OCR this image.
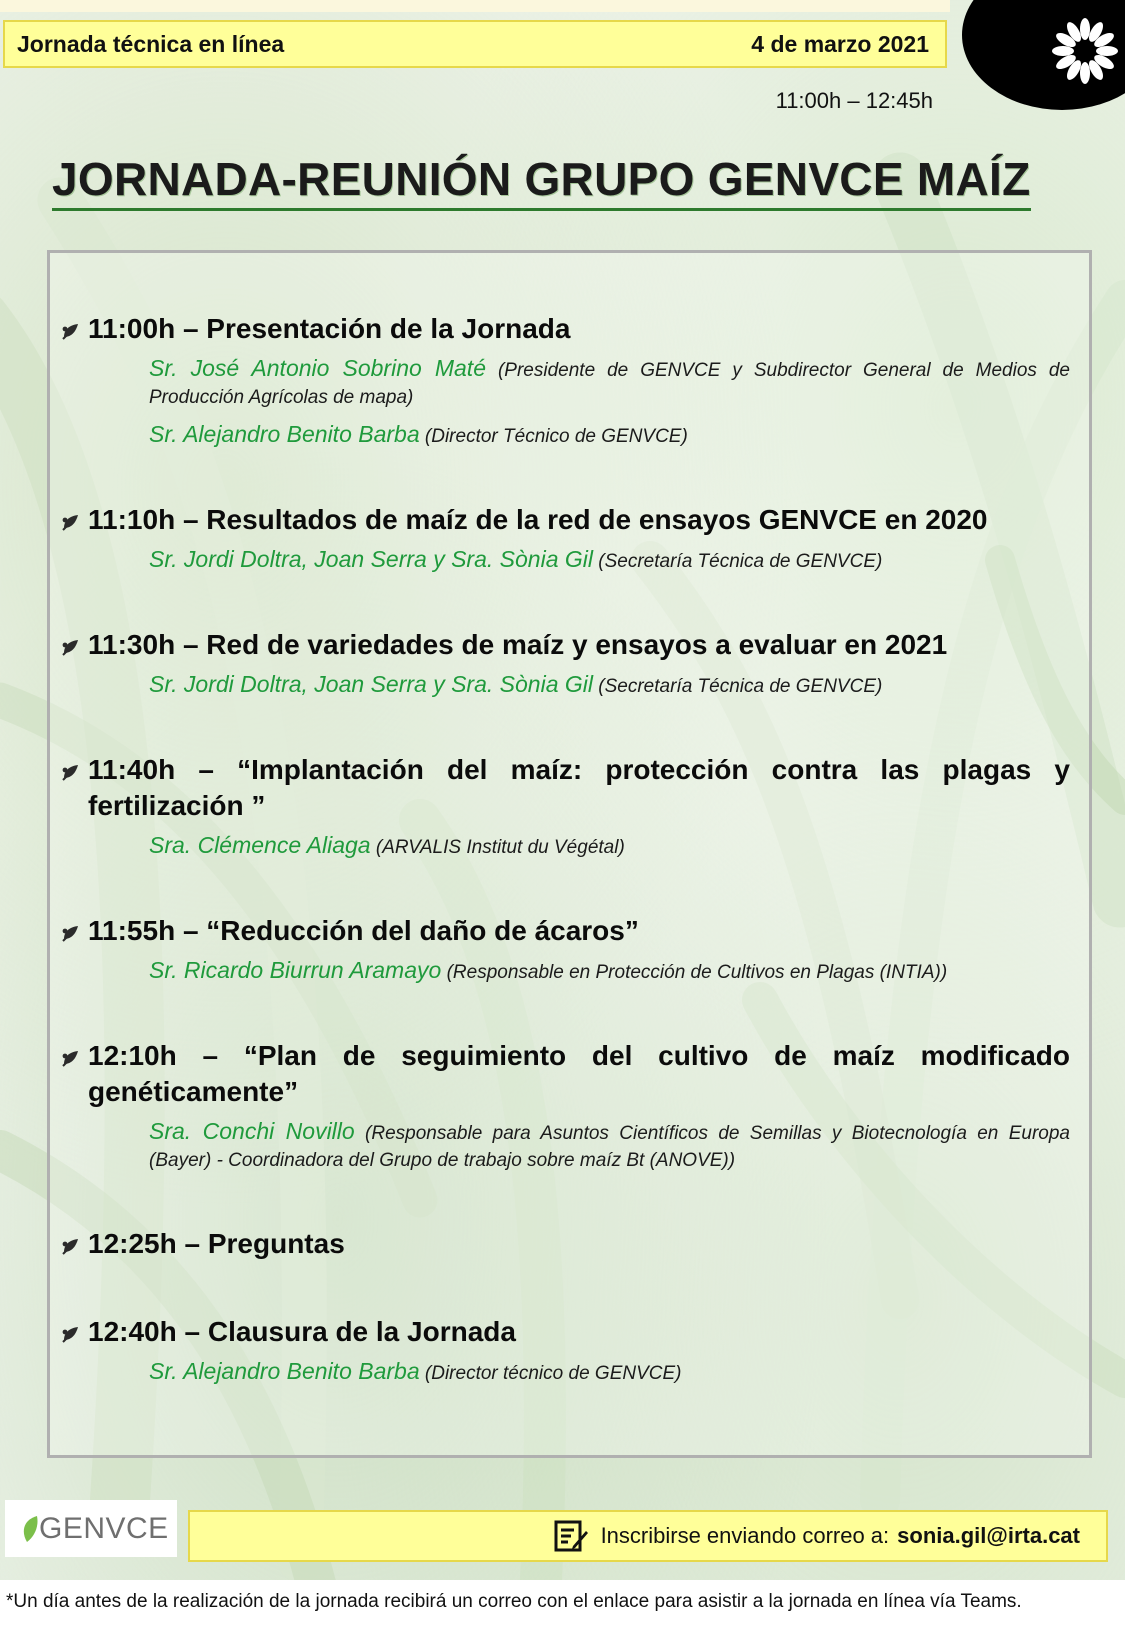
Jornada técnica en línea	4 de marzo 2021
11:00h – 12:45h
JORNADA-REUNIÓN GRUPO GENVCE MAÍZ
11:00h – Presentación de la Jornada
Sr. José Antonio Sobrino Maté (Presidente de GENVCE y Subdirector General de Medios de Producción Agrícolas de mapa)
Sr. Alejandro Benito Barba (Director Técnico de GENVCE)
11:10h – Resultados de maíz de la red de ensayos GENVCE en 2020
Sr. Jordi Doltra, Joan Serra y Sra. Sònia Gil (Secretaría Técnica de GENVCE)
11:30h – Red de variedades de maíz y ensayos a evaluar en 2021
Sr. Jordi Doltra, Joan Serra y Sra. Sònia Gil (Secretaría Técnica de GENVCE)
11:40h – “Implantación del maíz: protección contra las plagas y fertilización ”
Sra. Clémence Aliaga (ARVALIS Institut du Végétal)
11:55h – “Reducción del daño de ácaros”
Sr. Ricardo Biurrun Aramayo (Responsable en Protección de Cultivos en Plagas (INTIA))
12:10h – “Plan de seguimiento del cultivo de maíz modificado genéticamente”
Sra. Conchi Novillo (Responsable para Asuntos Científicos de Semillas y Biotecnología en Europa (Bayer) - Coordinadora del Grupo de trabajo sobre maíz Bt (ANOVE))
12:25h – Preguntas
12:40h – Clausura de la Jornada
Sr. Alejandro Benito Barba (Director técnico de GENVCE)
GENVCE	Inscribirse enviando correo a: sonia.gil@irta.cat
*Un día antes de la realización de la jornada recibirá un correo con el enlace para asistir a la jornada en línea vía Teams.
